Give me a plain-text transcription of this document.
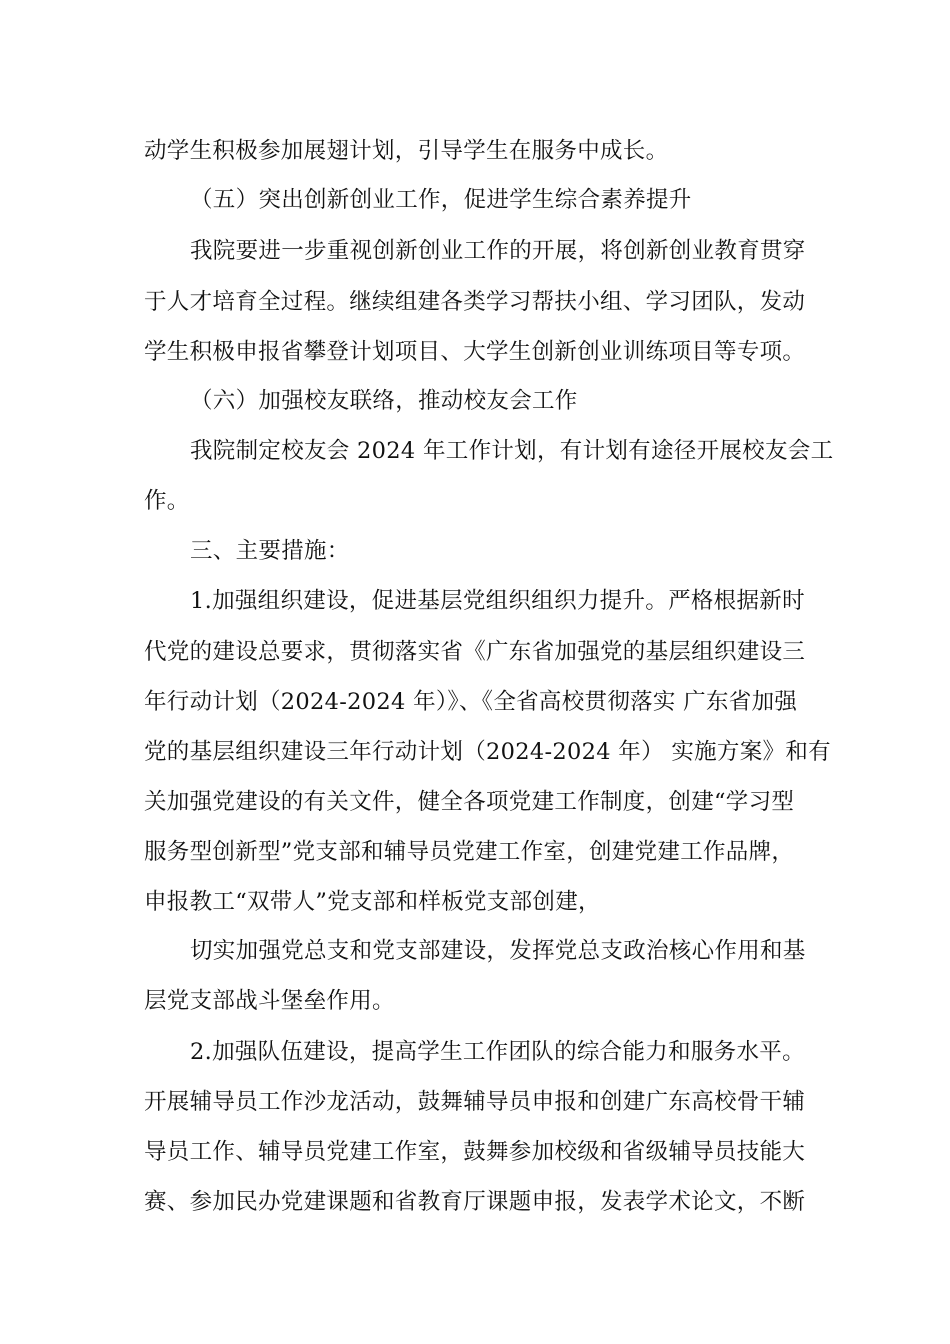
动学生积极参加展翅计划，引导学生在服务中成长。
（五）突出创新创业工作，促进学生综合素养提升
我院要进一步重视创新创业工作的开展，将创新创业教育贯穿
于人才培育全过程。继续组建各类学习帮扶小组、学习团队，发动
学生积极申报省攀登计划项目、大学生创新创业训练项目等专项。
（六）加强校友联络，推动校友会工作
我院制定校友会 2024 年工作计划，有计划有途径开展校友会工
作。
三、主要措施：
1.加强组织建设，促进基层党组织组织力提升。严格根据新时
代党的建设总要求，贯彻落实省《广东省加强党的基层组织建设三
年行动计划（2024-2024 年）》、《全省高校贯彻落实 广东省加强
党的基层组织建设三年行动计划（2024-2024 年） 实施方案》和有
关加强党建设的有关文件，健全各项党建工作制度，创建“学习型
服务型创新型”党支部和辅导员党建工作室，创建党建工作品牌，
申报教工“双带人”党支部和样板党支部创建，
切实加强党总支和党支部建设，发挥党总支政治核心作用和基
层党支部战斗堡垒作用。
2.加强队伍建设，提高学生工作团队的综合能力和服务水平。
开展辅导员工作沙龙活动，鼓舞辅导员申报和创建广东高校骨干辅
导员工作、辅导员党建工作室，鼓舞参加校级和省级辅导员技能大
赛、参加民办党建课题和省教育厅课题申报，发表学术论文，不断
